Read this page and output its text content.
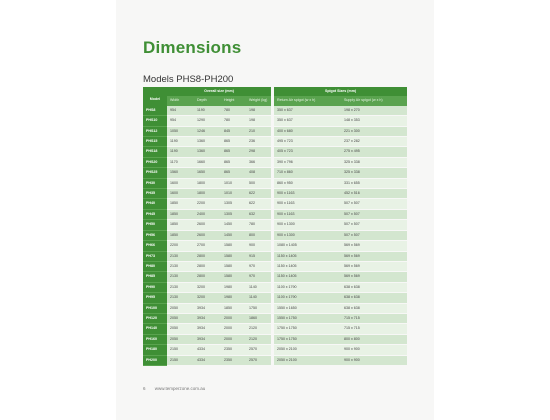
Dimensions
Models PHS8-PH200
Model	Overall size (mm)					Spigot Sizes (mm)	
	Width	Depth	Height	Weight (kg)		Return Air spigot (w x h)	Supply Air spigot (w x h)
PHS8	954	1190	780	198		350 x 637	198 x 270
PHS10	954	1290	780	198		350 x 637	148 x 353
PHS12	1050	1246	845	210		400 x 680	221 x 300
PHS15	1190	1360	865	236		495 x 723	237 x 282
PHS18	1190	1360	865	298		405 x 723	275 x 495
PHS20	1170	1660	865	366		390 x 796	325 x 338
PHS25	1560	1650	865	408		710 x 860	325 x 338
PH30	1600	1800	1010	500		860 x 950	331 x 655
PH35	1600	1800	1010	622		900 x 1163	452 x 516
PH40	1850	2200	1305	622		900 x 1163	507 x 507
PH45	1850	2400	1305	632		900 x 1163	507 x 507
PH50	1850	2600	1450	780		900 x 1300	507 x 507
PH56	1850	2600	1450	800		900 x 1300	507 x 507
PH66	2200	2700	1580	900		1080 x 1405	569 x 569
PH73	2130	2800	1580	915		1150 x 1405	569 x 569
PH80	2130	2800	1580	970		1150 x 1405	569 x 569
PH85	2130	2800	1580	970		1150 x 1405	569 x 569
PH90	2130	3200	1980	1140		1100 x 1790	638 x 638
PH95	2130	3200	1980	1140		1100 x 1790	638 x 638
PH100	2050	3934	1850	1750		1550 x 1650	638 x 638
PH120	2050	3934	2000	1860		1550 x 1750	715 x 715
PH140	2050	3934	2000	2120		1750 x 1750	715 x 715
PH160	2050	3934	2000	2120		1750 x 1750	800 x 800
PH180	2150	4334	2350	2570		2050 x 2100	900 x 900
PH200	2150	4334	2350	2570		2050 x 2100	900 x 900
6 www.temperzone.com.au
